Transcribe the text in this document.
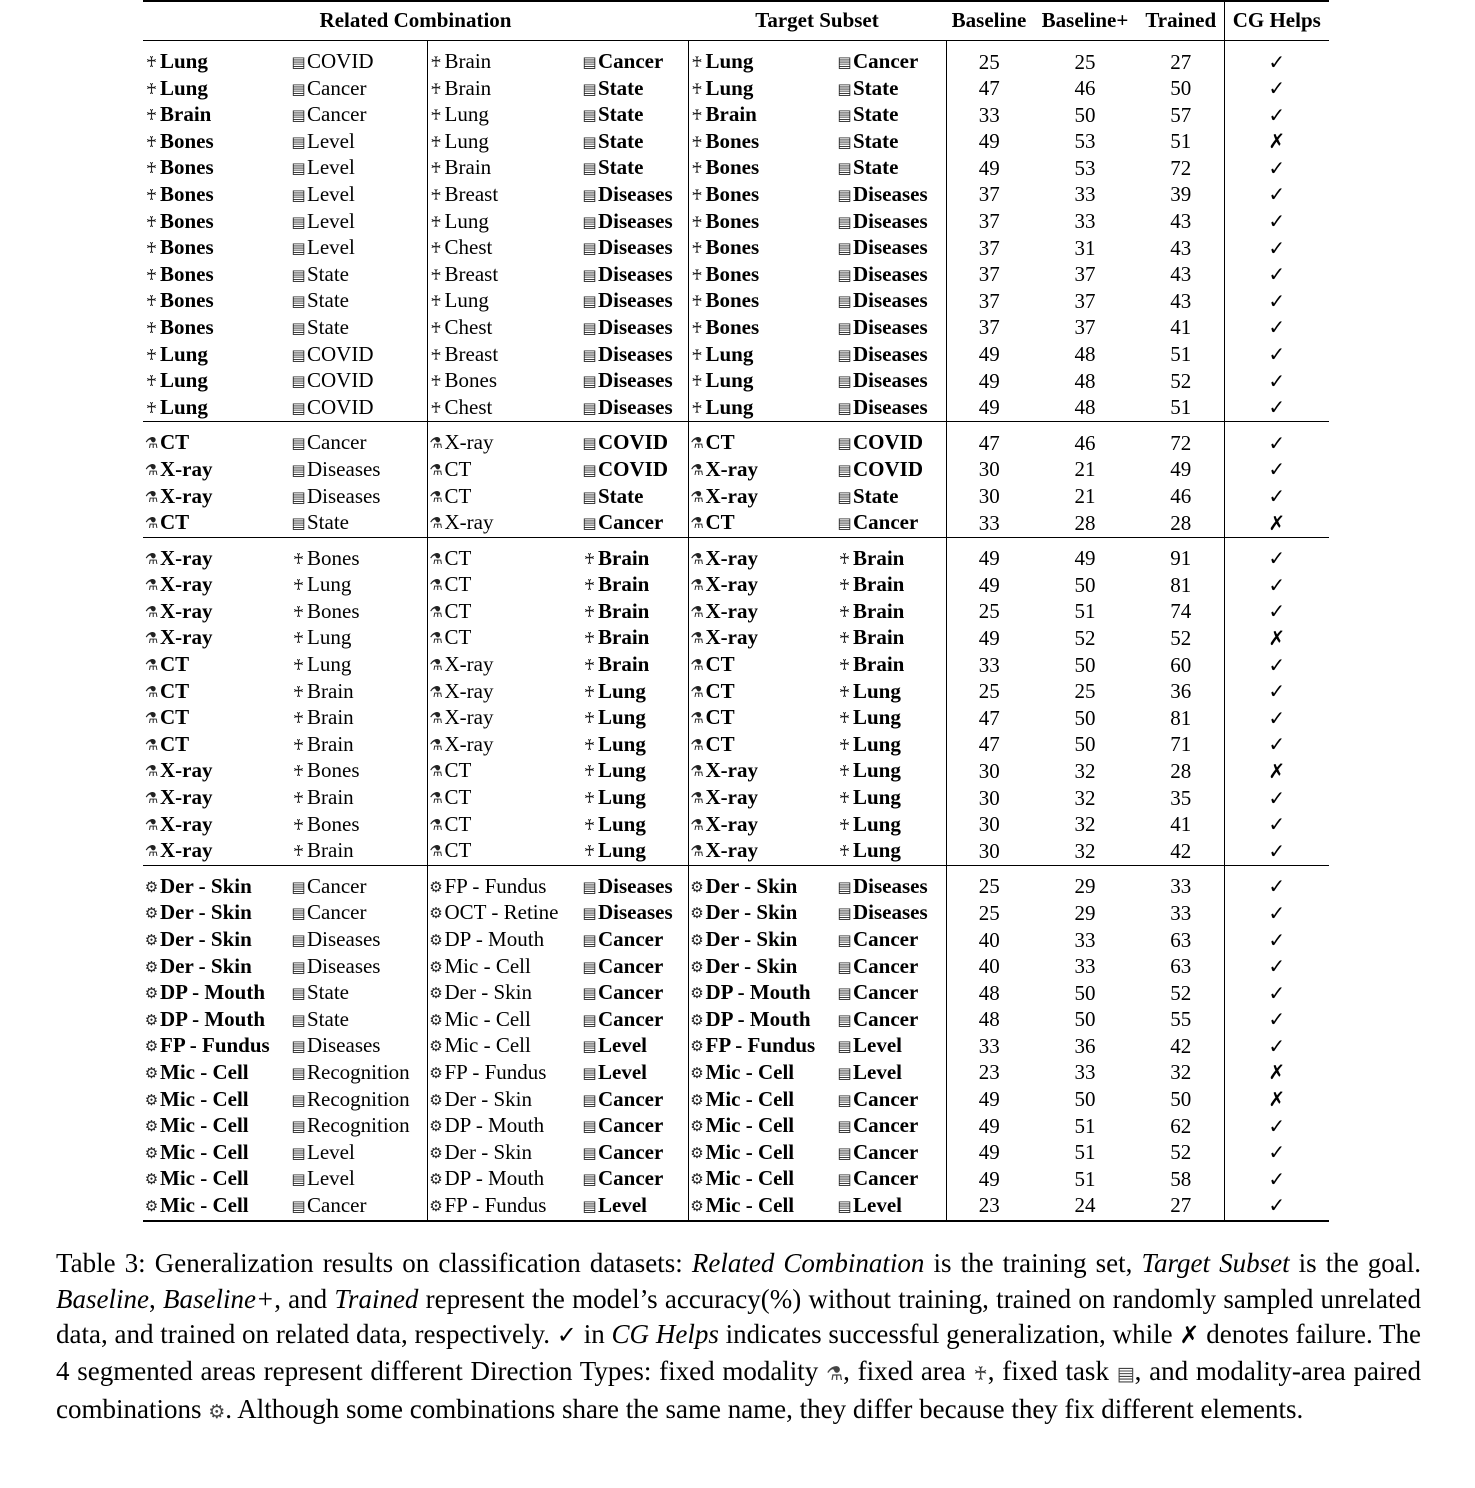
Related Combination				Target Subset		Baseline	Baseline+	Trained	CG Helps
♰ Lung	▤COVID	♰ Brain	▤Cancer	♰ Lung	▤Cancer	25	25	27	✓
♰ Lung	▤Cancer	♰ Brain	▤State	♰ Lung	▤State	47	46	50	✓
♰ Brain	▤Cancer	♰ Lung	▤State	♰ Brain	▤State	33	50	57	✓
♰ Bones	▤Level	♰ Lung	▤State	♰ Bones	▤State	49	53	51	✗
♰ Bones	▤Level	♰ Brain	▤State	♰ Bones	▤State	49	53	72	✓
♰ Bones	▤Level	♰ Breast	▤Diseases	♰ Bones	▤Diseases	37	33	39	✓
♰ Bones	▤Level	♰ Lung	▤Diseases	♰ Bones	▤Diseases	37	33	43	✓
♰ Bones	▤Level	♰ Chest	▤Diseases	♰ Bones	▤Diseases	37	31	43	✓
♰ Bones	▤State	♰ Breast	▤Diseases	♰ Bones	▤Diseases	37	37	43	✓
♰ Bones	▤State	♰ Lung	▤Diseases	♰ Bones	▤Diseases	37	37	43	✓
♰ Bones	▤State	♰ Chest	▤Diseases	♰ Bones	▤Diseases	37	37	41	✓
♰ Lung	▤COVID	♰ Breast	▤Diseases	♰ Lung	▤Diseases	49	48	51	✓
♰ Lung	▤COVID	♰ Bones	▤Diseases	♰ Lung	▤Diseases	49	48	52	✓
♰ Lung	▤COVID	♰ Chest	▤Diseases	♰ Lung	▤Diseases	49	48	51	✓
⚗CT	▤Cancer	⚗X-ray	▤COVID	⚗CT	▤COVID	47	46	72	✓
⚗X-ray	▤Diseases	⚗CT	▤COVID	⚗X-ray	▤COVID	30	21	49	✓
⚗X-ray	▤Diseases	⚗CT	▤State	⚗X-ray	▤State	30	21	46	✓
⚗CT	▤State	⚗X-ray	▤Cancer	⚗CT	▤Cancer	33	28	28	✗
⚗X-ray	♰ Bones	⚗CT	♰ Brain	⚗X-ray	♰ Brain	49	49	91	✓
⚗X-ray	♰ Lung	⚗CT	♰ Brain	⚗X-ray	♰ Brain	49	50	81	✓
⚗X-ray	♰ Bones	⚗CT	♰ Brain	⚗X-ray	♰ Brain	25	51	74	✓
⚗X-ray	♰ Lung	⚗CT	♰ Brain	⚗X-ray	♰ Brain	49	52	52	✗
⚗CT	♰ Lung	⚗X-ray	♰ Brain	⚗CT	♰ Brain	33	50	60	✓
⚗CT	♰ Brain	⚗X-ray	♰ Lung	⚗CT	♰ Lung	25	25	36	✓
⚗CT	♰ Brain	⚗X-ray	♰ Lung	⚗CT	♰ Lung	47	50	81	✓
⚗CT	♰ Brain	⚗X-ray	♰ Lung	⚗CT	♰ Lung	47	50	71	✓
⚗X-ray	♰ Bones	⚗CT	♰ Lung	⚗X-ray	♰ Lung	30	32	28	✗
⚗X-ray	♰ Brain	⚗CT	♰ Lung	⚗X-ray	♰ Lung	30	32	35	✓
⚗X-ray	♰ Bones	⚗CT	♰ Lung	⚗X-ray	♰ Lung	30	32	41	✓
⚗X-ray	♰ Brain	⚗CT	♰ Lung	⚗X-ray	♰ Lung	30	32	42	✓
⚙Der - Skin	▤Cancer	⚙FP - Fundus	▤Diseases	⚙Der - Skin	▤Diseases	25	29	33	✓
⚙Der - Skin	▤Cancer	⚙OCT - Retine	▤Diseases	⚙Der - Skin	▤Diseases	25	29	33	✓
⚙Der - Skin	▤Diseases	⚙DP - Mouth	▤Cancer	⚙Der - Skin	▤Cancer	40	33	63	✓
⚙Der - Skin	▤Diseases	⚙Mic - Cell	▤Cancer	⚙Der - Skin	▤Cancer	40	33	63	✓
⚙DP - Mouth	▤State	⚙Der - Skin	▤Cancer	⚙DP - Mouth	▤Cancer	48	50	52	✓
⚙DP - Mouth	▤State	⚙Mic - Cell	▤Cancer	⚙DP - Mouth	▤Cancer	48	50	55	✓
⚙FP - Fundus	▤Diseases	⚙Mic - Cell	▤Level	⚙FP - Fundus	▤Level	33	36	42	✓
⚙Mic - Cell	▤Recognition	⚙FP - Fundus	▤Level	⚙Mic - Cell	▤Level	23	33	32	✗
⚙Mic - Cell	▤Recognition	⚙Der - Skin	▤Cancer	⚙Mic - Cell	▤Cancer	49	50	50	✗
⚙Mic - Cell	▤Recognition	⚙DP - Mouth	▤Cancer	⚙Mic - Cell	▤Cancer	49	51	62	✓
⚙Mic - Cell	▤Level	⚙Der - Skin	▤Cancer	⚙Mic - Cell	▤Cancer	49	51	52	✓
⚙Mic - Cell	▤Level	⚙DP - Mouth	▤Cancer	⚙Mic - Cell	▤Cancer	49	51	58	✓
⚙Mic - Cell	▤Cancer	⚙FP - Fundus	▤Level	⚙Mic - Cell	▤Level	23	24	27	✓
Table 3: Generalization results on classification datasets: Related Combination is the training set, Target Subset is the goal. Baseline, Baseline+, and Trained represent the model’s accuracy(%) without training, trained on randomly sampled unrelated data, and trained on related data, respectively. ✓ in CG Helps indicates successful generalization, while ✗ denotes failure. The 4 segmented areas represent different Direction Types: fixed modality ⚗, fixed area ♰, fixed task ▤, and modality-area paired combinations ⚙. Although some combinations share the same name, they differ because they fix different elements.
